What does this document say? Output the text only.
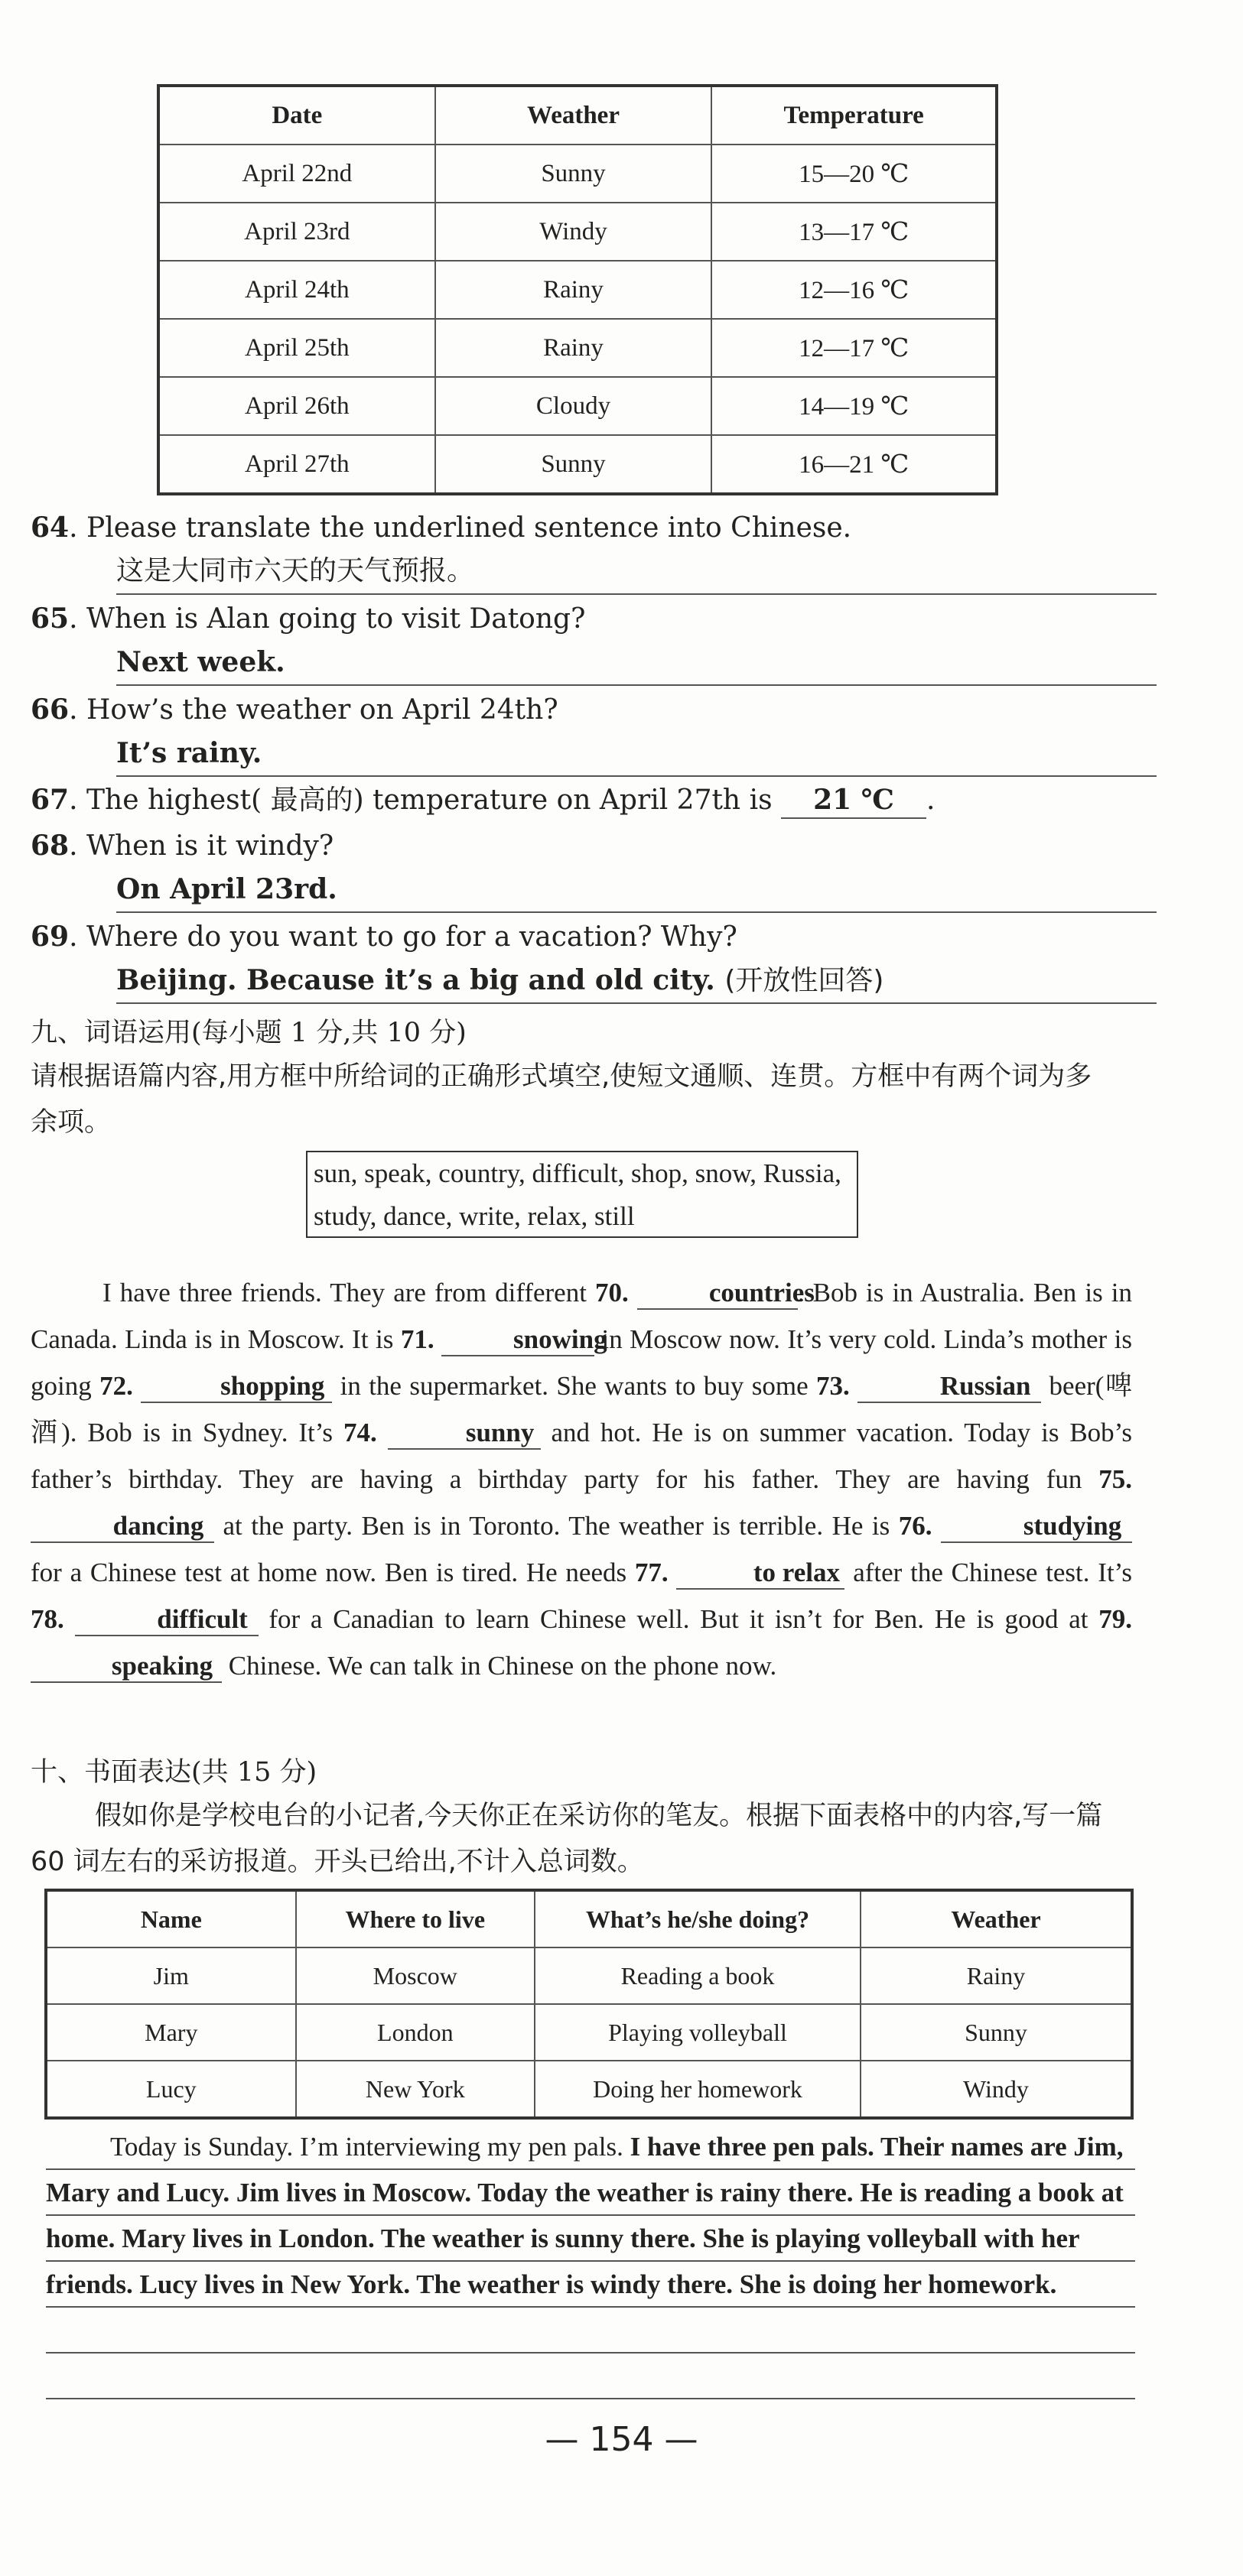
Date	Weather	Temperature
April 22nd	Sunny	15—20 ℃
April 23rd	Windy	13—17 ℃
April 24th	Rainy	12—16 ℃
April 25th	Rainy	12—17 ℃
April 26th	Cloudy	14—19 ℃
April 27th	Sunny	16—21 ℃
64. Please translate the underlined sentence into Chinese.
这是大同市六天的天气预报。
65. When is Alan going to visit Datong?
Next week.
66. How’s the weather on April 24th?
It’s rainy.
67. The highest( 最高的) temperature on April 27th is 21 ℃ .
68. When is it windy?
On April 23rd.
69. Where do you want to go for a vacation? Why?
Beijing. Because it’s a big and old city. (开放性回答)
九、词语运用(每小题 1 分,共 10 分)
请根据语篇内容,用方框中所给词的正确形式填空,使短文通顺、连贯。方框中有两个词为多余项。
sun, speak, country, difficult, shop, snow, Russia, study, dance, write, relax, still

I have three friends. They are from different 70.	countries. Bob is in Australia. Ben is in Canada. Linda is in Moscow. It is 71.	snowing in Moscow now. It’s very cold. Linda’s mother is going 72.	shopping in the supermarket. She wants to buy some 73.	Russian beer(啤酒). Bob is in Sydney. It’s 74.	sunny and hot. He is on summer vacation. Today is Bob’s father’s birthday. They are having a birthday party for his father. They are having fun 75. dancing at the party. Ben is in Toronto. The weather is terrible. He is 76.	studying for a Chinese test at home now. Ben is tired. He needs 77.	to relax after the Chinese test. It’s 78.	difficult for a Canadian to learn Chinese well. But it isn’t for Ben. He is good at 79. speaking Chinese. We can talk in Chinese on the phone now.

十、书面表达(共 15 分)
假如你是学校电台的小记者,今天你正在采访你的笔友。根据下面表格中的内容,写一篇 60 词左右的采访报道。开头已给出,不计入总词数。
Name	Where to live	What’s he/she doing?	Weather
Jim	Moscow	Reading a book	Rainy
Mary	London	Playing volleyball	Sunny
Lucy	New York	Doing her homework	Windy
Today is Sunday. I’m interviewing my pen pals. I have three pen pals. Their names are Jim, Mary and Lucy. Jim lives in Moscow. Today the weather is rainy there. He is reading a book at home. Mary lives in London. The weather is sunny there. She is playing volleyball with her friends. Lucy lives in New York. The weather is windy there. She is doing her homework.
— 154 —
